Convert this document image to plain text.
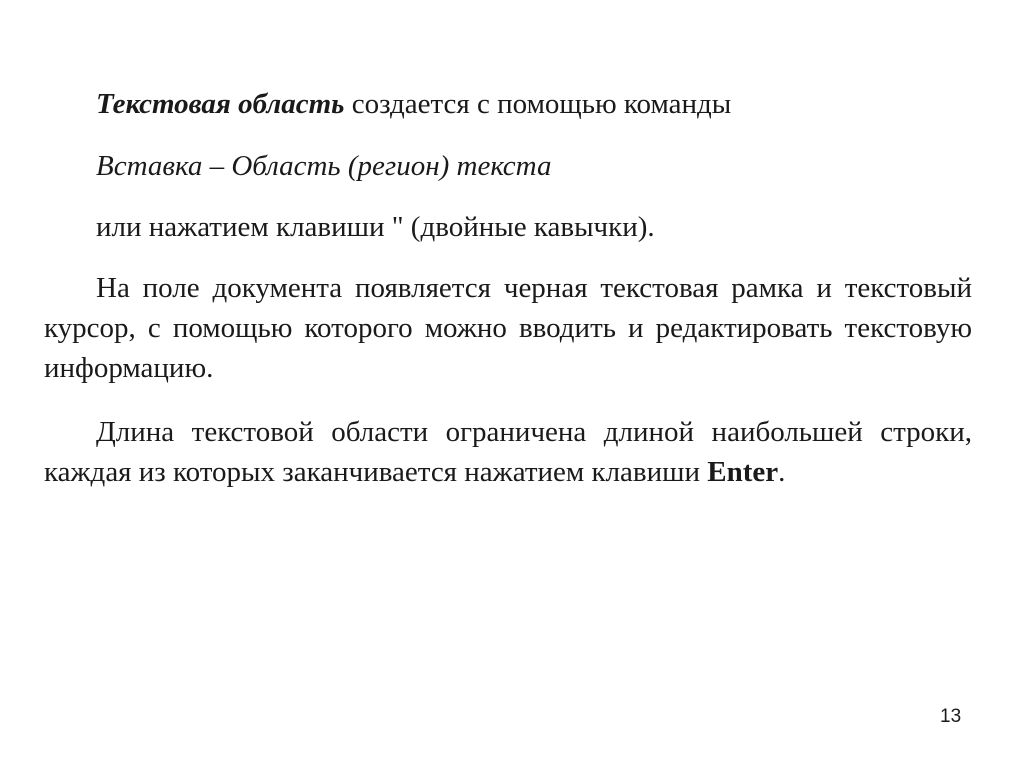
Текстовая область создается с помощью команды
Вставка – Область (регион) текста
или нажатием клавиши " (двойные кавычки).

На поле документа появляется черная текстовая рамка и текстовый курсор, с помощью которого можно вводить и редактировать текстовую информацию.

Длина текстовой области ограничена длиной наибольшей строки, каждая из которых заканчивается нажатием клавиши Enter.

13
